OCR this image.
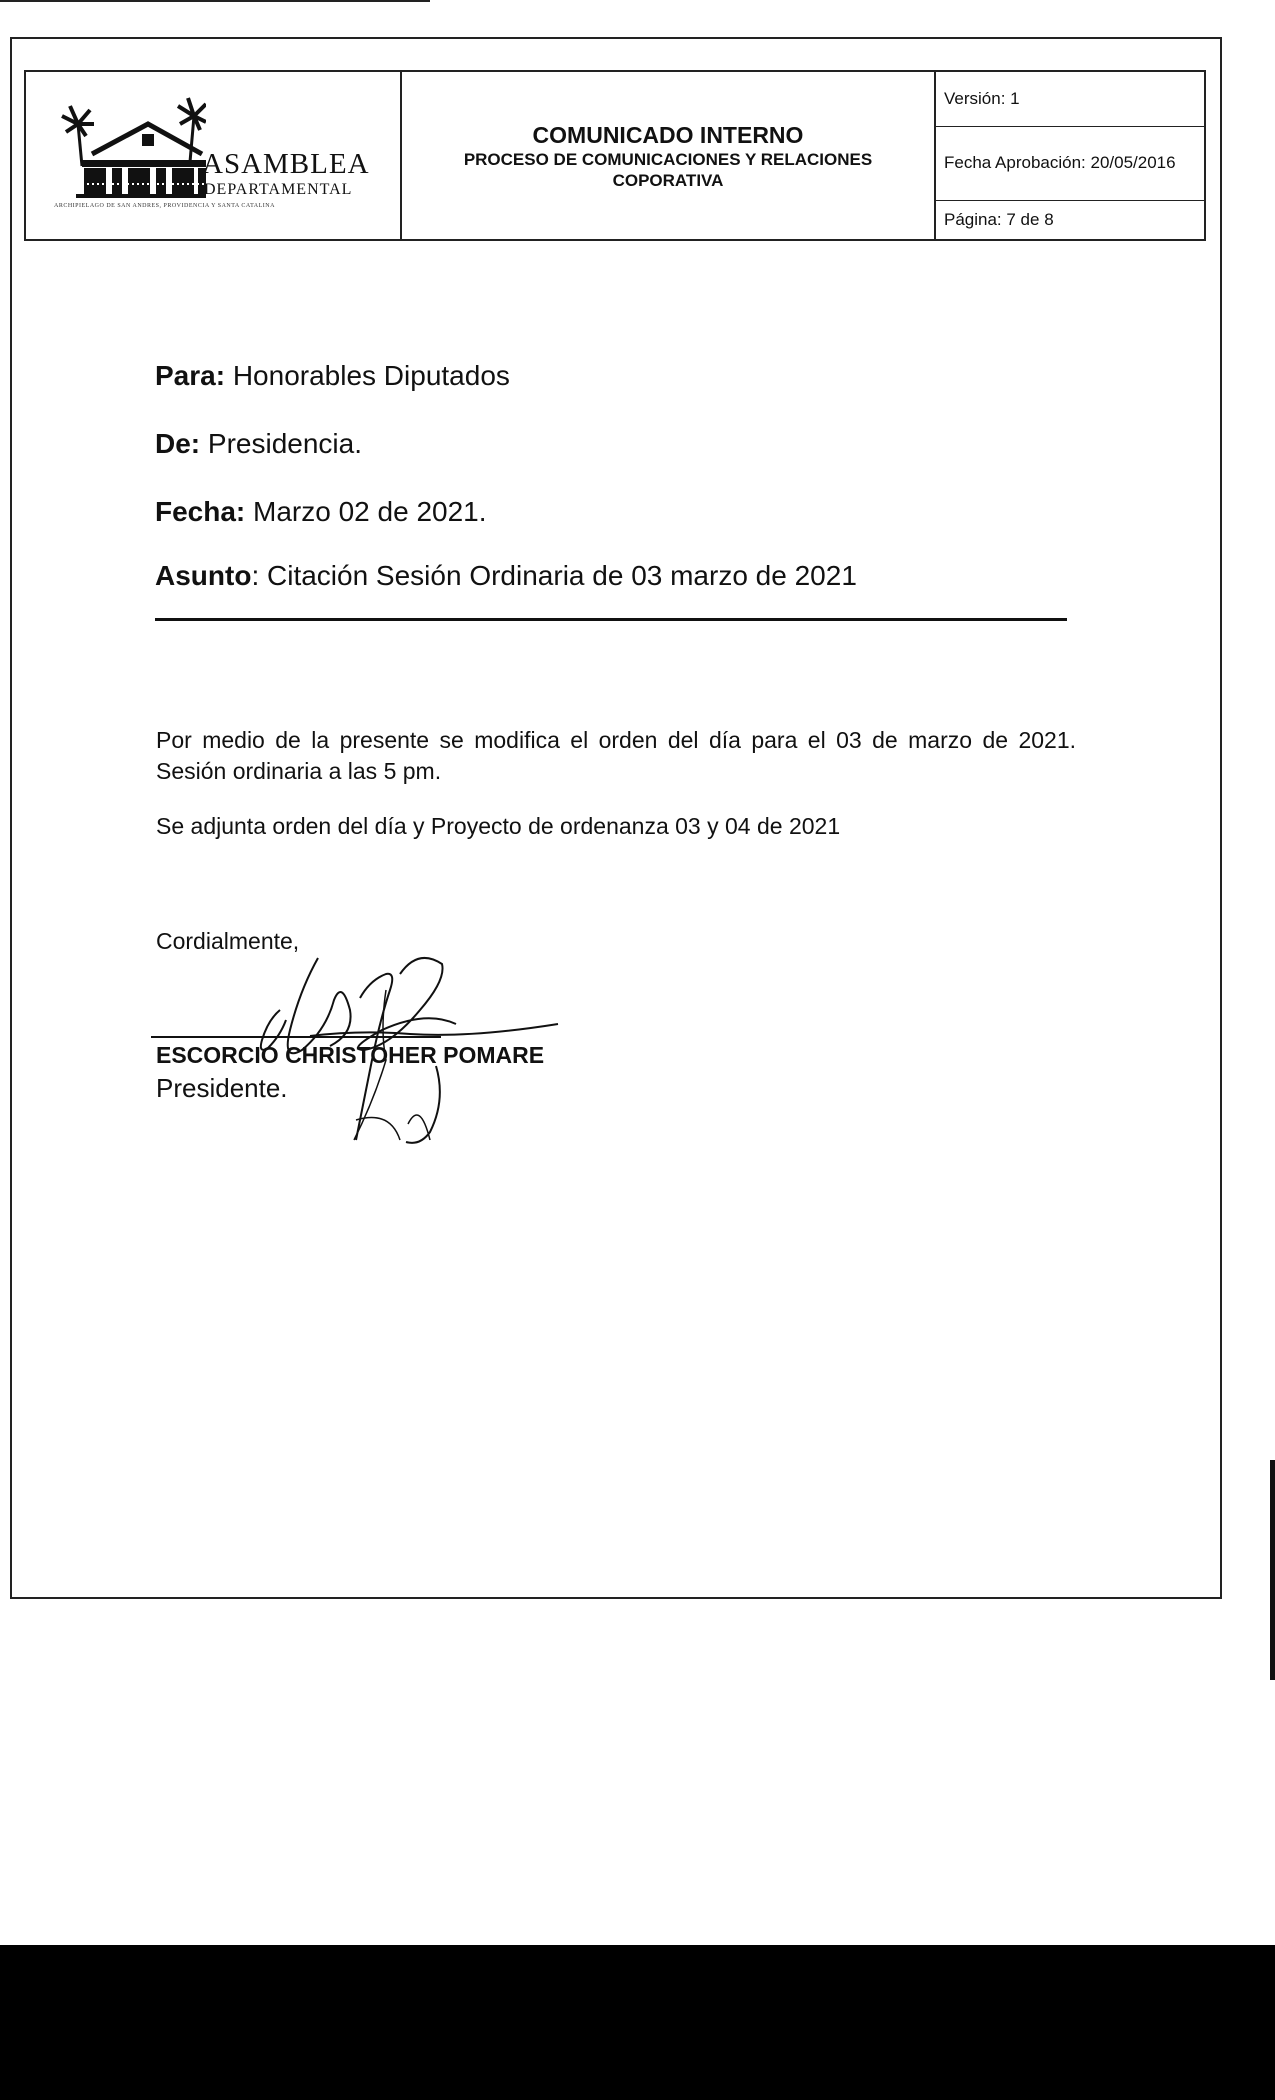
ASAMBLEA
DEPARTAMENTAL
ARCHIPIÉLAGO DE SAN ANDRÉS, PROVIDENCIA Y SANTA CATALINA
COMUNICADO INTERNO
PROCESO DE COMUNICACIONES Y RELACIONES COPORATIVA
Versión: 1
Fecha Aprobación: 20/05/2016
Página: 7 de 8
Para: Honorables Diputados
De: Presidencia.
Fecha: Marzo 02 de 2021.
Asunto: Citación Sesión Ordinaria de 03 marzo de 2021
Por medio de la presente se modifica el orden del día para el 03 de marzo de 2021. Sesión ordinaria a las 5 pm.
Se adjunta orden del día y Proyecto de ordenanza 03 y 04 de 2021
Cordialmente,
ESCORCIO CHRISTOHER POMARE
Presidente.
